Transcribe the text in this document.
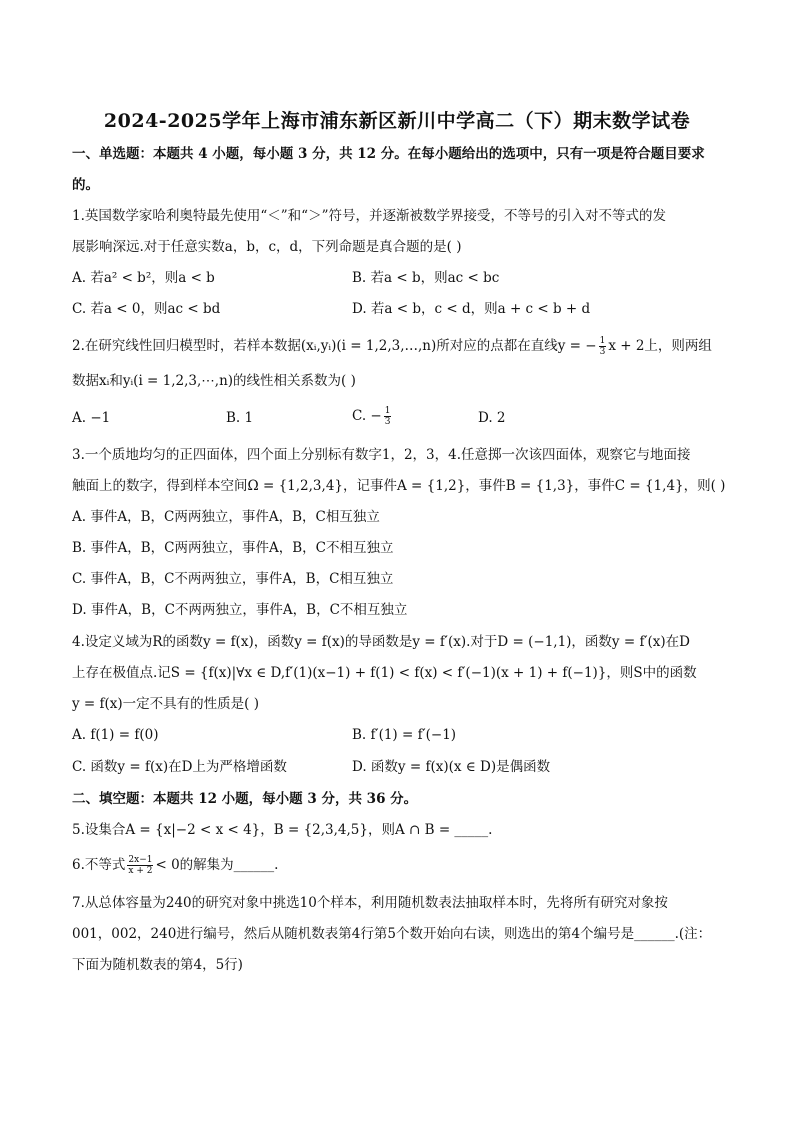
2024-2025学年上海市浦东新区新川中学高二（下）期末数学试卷
一、单选题：本题共 4 小题，每小题 3 分，共 12 分。在每小题给出的选项中，只有一项是符合题目要求
的。
1.英国数学家哈利奥特最先使用“＜”和“＞”符号，并逐渐被数学界接受，不等号的引入对不等式的发
展影响深远.对于任意实数a，b，c，d，下列命题是真合题的是( )
A. 若a² < b²，则a < b	B. 若a < b，则ac < bc
C. 若a < 0，则ac < bd	D. 若a < b，c < d，则a + c < b + d
2.在研究线性回归模型时，若样本数据(xᵢ,yᵢ)(i = 1,2,3,…,n)所对应的点都在直线y = − $\frac{1}{3}$ x + 2上，则两组
数据xᵢ和yᵢ(i = 1,2,3,⋯,n)的线性相关系数为( )
A. −1	B. 1	C. − $\frac{1}{3}$	D. 2
3.一个质地均匀的正四面体，四个面上分别标有数字1，2，3，4.任意掷一次该四面体，观察它与地面接
触面上的数字，得到样本空间Ω = {1,2,3,4}，记事件A = {1,2}，事件B = {1,3}，事件C = {1,4}，则( )
A. 事件A，B，C两两独立，事件A，B，C相互独立
B. 事件A，B，C两两独立，事件A，B，C不相互独立
C. 事件A，B，C不两两独立，事件A，B，C相互独立
D. 事件A，B，C不两两独立，事件A，B，C不相互独立
4.设定义域为R的函数y = f(x)，函数y = f(x)的导函数是y = f′(x).对于D = (−1,1)，函数y = f′(x)在D
上存在极值点.记S = {f(x)|∀x ∈ D,f′(1)(x−1) + f(1) < f(x) < f′(−1)(x + 1) + f(−1)}，则S中的函数
y = f(x)一定不具有的性质是( )
A. f(1) = f(0)	B. f′(1) = f′(−1)
C. 函数y = f(x)在D上为严格增函数	D. 函数y = f(x)(x ∈ D)是偶函数
二、填空题：本题共 12 小题，每小题 3 分，共 36 分。
5.设集合A = {x|−2 < x < 4}，B = {2,3,4,5}，则A ∩ B = _____.
6.不等式 $\frac{2x-1}{x + 2} < 0$的解集为______.
7.从总体容量为240的研究对象中挑选10个样本，利用随机数表法抽取样本时，先将所有研究对象按
001，002，240进行编号，然后从随机数表第4行第5个数开始向右读，则选出的第4个编号是______.(注：
下面为随机数表的第4，5行)
